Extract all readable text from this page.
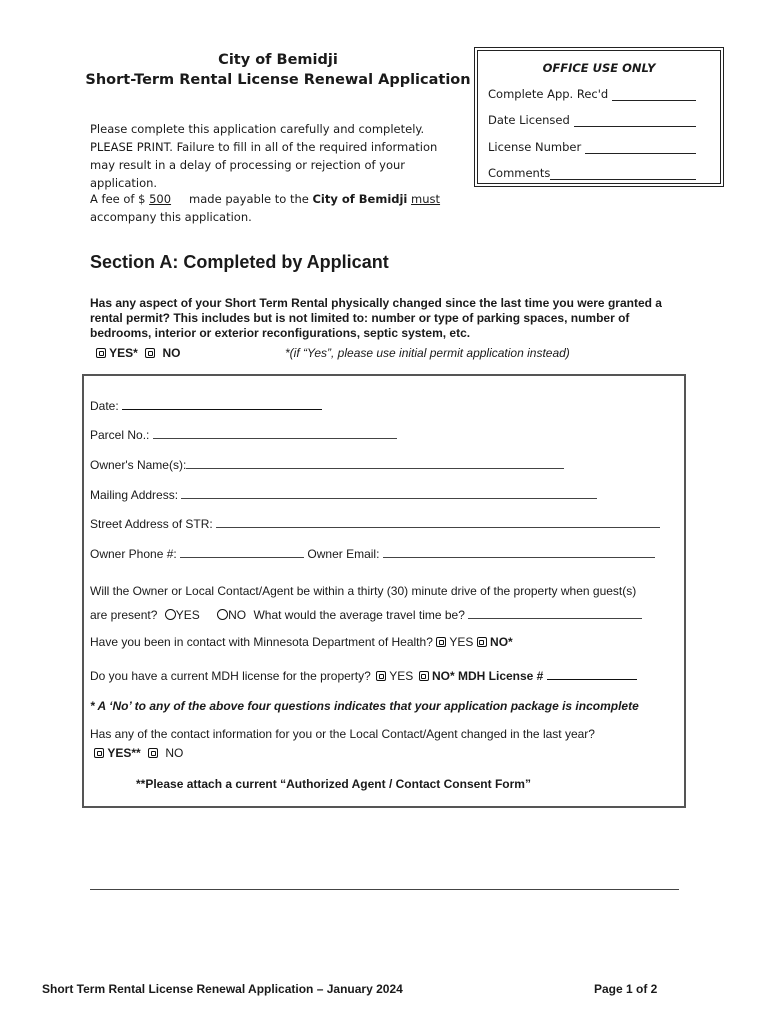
City of Bemidji
Short-Term Rental License Renewal Application
Please complete this application carefully and completely. PLEASE PRINT. Failure to fill in all of the required information may result in a delay of processing or rejection of your application.
A fee of $ 500 made payable to the City of Bemidji must
accompany this application.
OFFICE USE ONLY
Complete App. Rec'd
Date Licensed
License Number
Comments
Section A: Completed by Applicant
Has any aspect of your Short Term Rental physically changed since the last time you were granted a rental permit? This includes but is not limited to: number or type of parking spaces, number of bedrooms, interior or exterior reconfigurations, septic system, etc.
YES* NO	*(if “Yes”, please use initial permit application instead)
Date:
Parcel No.:
Owner's Name(s):
Mailing Address:
Street Address of STR:
Owner Phone #:	Owner Email:
Will the Owner or Local Contact/Agent be within a thirty (30) minute drive of the property when guest(s)
are present? YES NO What would the average travel time be?
Have you been in contact with Minnesota Department of Health? YES NO*
Do you have a current MDH license for the property? YES NO* MDH License #
* A ‘No’ to any of the above four questions indicates that your application package is incomplete
Has any of the contact information for you or the Local Contact/Agent changed in the last year?
YES** NO
**Please attach a current “Authorized Agent / Contact Consent Form”
Short Term Rental License Renewal Application – January 2024	Page 1 of 2
